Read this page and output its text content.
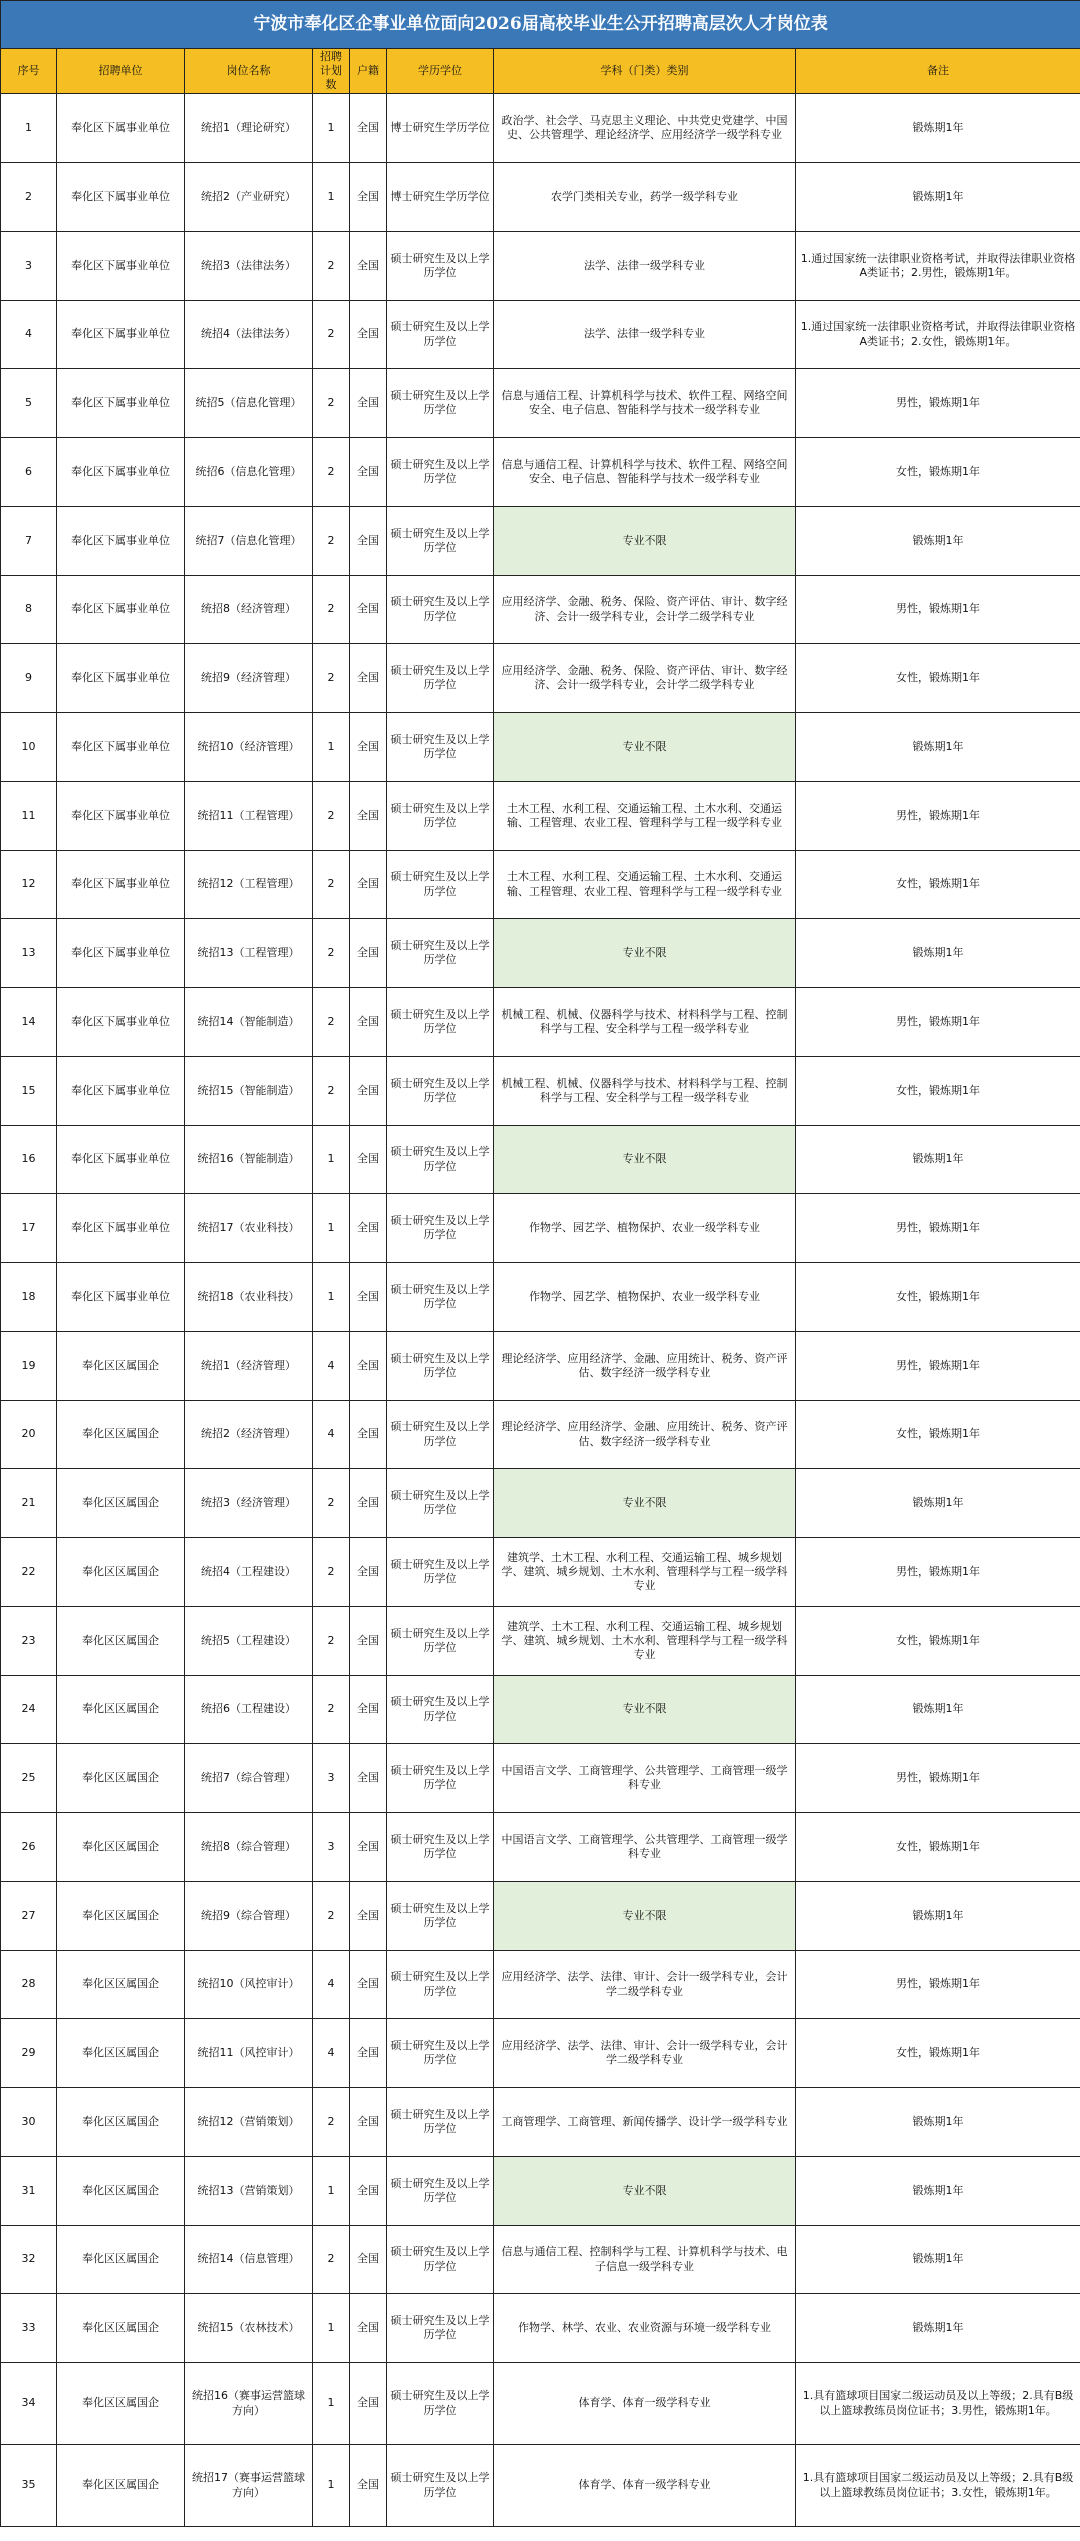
宁波市奉化区企事业单位面向2026届高校毕业生公开招聘高层次人才岗位表							
序号	招聘单位	岗位名称	招聘计划数	户籍	学历学位	学科（门类）类别	备注
1	奉化区下属事业单位	统招1（理论研究）	1	全国	博士研究生学历学位	政治学、社会学、马克思主义理论、中共党史党建学、中国史、公共管理学、理论经济学、应用经济学一级学科专业	锻炼期1年
2	奉化区下属事业单位	统招2（产业研究）	1	全国	博士研究生学历学位	农学门类相关专业，药学一级学科专业	锻炼期1年
3	奉化区下属事业单位	统招3（法律法务）	2	全国	硕士研究生及以上学历学位	法学、法律一级学科专业	1.通过国家统一法律职业资格考试，并取得法律职业资格A类证书；2.男性，锻炼期1年。
4	奉化区下属事业单位	统招4（法律法务）	2	全国	硕士研究生及以上学历学位	法学、法律一级学科专业	1.通过国家统一法律职业资格考试，并取得法律职业资格A类证书；2.女性，锻炼期1年。
5	奉化区下属事业单位	统招5（信息化管理）	2	全国	硕士研究生及以上学历学位	信息与通信工程、计算机科学与技术、软件工程、网络空间安全、电子信息、智能科学与技术一级学科专业	男性，锻炼期1年
6	奉化区下属事业单位	统招6（信息化管理）	2	全国	硕士研究生及以上学历学位	信息与通信工程、计算机科学与技术、软件工程、网络空间安全、电子信息、智能科学与技术一级学科专业	女性，锻炼期1年
7	奉化区下属事业单位	统招7（信息化管理）	2	全国	硕士研究生及以上学历学位	专业不限	锻炼期1年
8	奉化区下属事业单位	统招8（经济管理）	2	全国	硕士研究生及以上学历学位	应用经济学、金融、税务、保险、资产评估、审计、数字经济、会计一级学科专业，会计学二级学科专业	男性，锻炼期1年
9	奉化区下属事业单位	统招9（经济管理）	2	全国	硕士研究生及以上学历学位	应用经济学、金融、税务、保险、资产评估、审计、数字经济、会计一级学科专业，会计学二级学科专业	女性，锻炼期1年
10	奉化区下属事业单位	统招10（经济管理）	1	全国	硕士研究生及以上学历学位	专业不限	锻炼期1年
11	奉化区下属事业单位	统招11（工程管理）	2	全国	硕士研究生及以上学历学位	土木工程、水利工程、交通运输工程、土木水利、交通运输、工程管理、农业工程、管理科学与工程一级学科专业	男性，锻炼期1年
12	奉化区下属事业单位	统招12（工程管理）	2	全国	硕士研究生及以上学历学位	土木工程、水利工程、交通运输工程、土木水利、交通运输、工程管理、农业工程、管理科学与工程一级学科专业	女性，锻炼期1年
13	奉化区下属事业单位	统招13（工程管理）	2	全国	硕士研究生及以上学历学位	专业不限	锻炼期1年
14	奉化区下属事业单位	统招14（智能制造）	2	全国	硕士研究生及以上学历学位	机械工程、机械、仪器科学与技术、材料科学与工程、控制科学与工程、安全科学与工程一级学科专业	男性，锻炼期1年
15	奉化区下属事业单位	统招15（智能制造）	2	全国	硕士研究生及以上学历学位	机械工程、机械、仪器科学与技术、材料科学与工程、控制科学与工程、安全科学与工程一级学科专业	女性，锻炼期1年
16	奉化区下属事业单位	统招16（智能制造）	1	全国	硕士研究生及以上学历学位	专业不限	锻炼期1年
17	奉化区下属事业单位	统招17（农业科技）	1	全国	硕士研究生及以上学历学位	作物学、园艺学、植物保护、农业一级学科专业	男性，锻炼期1年
18	奉化区下属事业单位	统招18（农业科技）	1	全国	硕士研究生及以上学历学位	作物学、园艺学、植物保护、农业一级学科专业	女性，锻炼期1年
19	奉化区区属国企	统招1（经济管理）	4	全国	硕士研究生及以上学历学位	理论经济学、应用经济学、金融、应用统计、税务、资产评估、数字经济一级学科专业	男性，锻炼期1年
20	奉化区区属国企	统招2（经济管理）	4	全国	硕士研究生及以上学历学位	理论经济学、应用经济学、金融、应用统计、税务、资产评估、数字经济一级学科专业	女性，锻炼期1年
21	奉化区区属国企	统招3（经济管理）	2	全国	硕士研究生及以上学历学位	专业不限	锻炼期1年
22	奉化区区属国企	统招4（工程建设）	2	全国	硕士研究生及以上学历学位	建筑学、土木工程、水利工程、交通运输工程、城乡规划学、建筑、城乡规划、土木水利、管理科学与工程一级学科专业	男性，锻炼期1年
23	奉化区区属国企	统招5（工程建设）	2	全国	硕士研究生及以上学历学位	建筑学、土木工程、水利工程、交通运输工程、城乡规划学、建筑、城乡规划、土木水利、管理科学与工程一级学科专业	女性，锻炼期1年
24	奉化区区属国企	统招6（工程建设）	2	全国	硕士研究生及以上学历学位	专业不限	锻炼期1年
25	奉化区区属国企	统招7（综合管理）	3	全国	硕士研究生及以上学历学位	中国语言文学、工商管理学、公共管理学、工商管理一级学科专业	男性，锻炼期1年
26	奉化区区属国企	统招8（综合管理）	3	全国	硕士研究生及以上学历学位	中国语言文学、工商管理学、公共管理学、工商管理一级学科专业	女性，锻炼期1年
27	奉化区区属国企	统招9（综合管理）	2	全国	硕士研究生及以上学历学位	专业不限	锻炼期1年
28	奉化区区属国企	统招10（风控审计）	4	全国	硕士研究生及以上学历学位	应用经济学、法学、法律、审计、会计一级学科专业，会计学二级学科专业	男性，锻炼期1年
29	奉化区区属国企	统招11（风控审计）	4	全国	硕士研究生及以上学历学位	应用经济学、法学、法律、审计、会计一级学科专业，会计学二级学科专业	女性，锻炼期1年
30	奉化区区属国企	统招12（营销策划）	2	全国	硕士研究生及以上学历学位	工商管理学、工商管理、新闻传播学、设计学一级学科专业	锻炼期1年
31	奉化区区属国企	统招13（营销策划）	1	全国	硕士研究生及以上学历学位	专业不限	锻炼期1年
32	奉化区区属国企	统招14（信息管理）	2	全国	硕士研究生及以上学历学位	信息与通信工程、控制科学与工程、计算机科学与技术、电子信息一级学科专业	锻炼期1年
33	奉化区区属国企	统招15（农林技术）	1	全国	硕士研究生及以上学历学位	作物学、林学、农业、农业资源与环境一级学科专业	锻炼期1年
34	奉化区区属国企	统招16（赛事运营篮球方向）	1	全国	硕士研究生及以上学历学位	体育学、体育一级学科专业	1.具有篮球项目国家二级运动员及以上等级；2.具有B级以上篮球教练员岗位证书；3.男性，锻炼期1年。
35	奉化区区属国企	统招17（赛事运营篮球方向）	1	全国	硕士研究生及以上学历学位	体育学、体育一级学科专业	1.具有篮球项目国家二级运动员及以上等级；2.具有B级以上篮球教练员岗位证书；3.女性，锻炼期1年。
